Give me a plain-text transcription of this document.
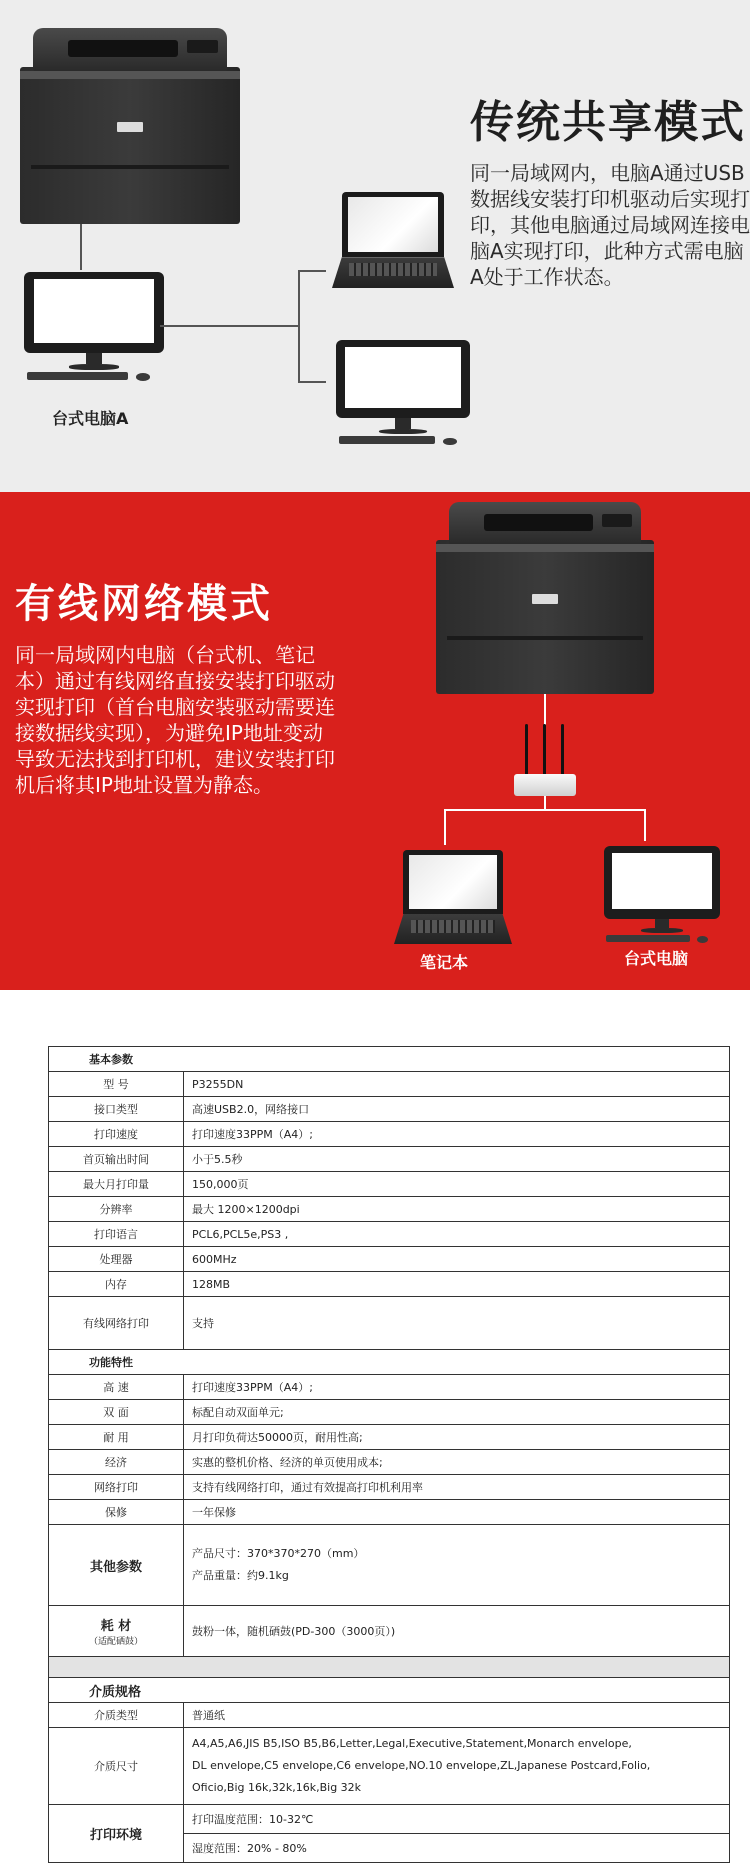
台式电脑A
传统共享模式
同一局域网内，电脑A通过USB数据线安装打印机驱动后实现打印，其他电脑通过局域网连接电脑A实现打印，此种方式需电脑A处于工作状态。
有线网络模式
同一局域网内电脑（台式机、笔记本）通过有线网络直接安装打印驱动实现打印（首台电脑安装驱动需要连接数据线实现），为避免IP地址变动导致无法找到打印机，建议安装打印机后将其IP地址设置为静态。
笔记本	台式电脑
基本参数	
型 号	P3255DN
接口类型	高速USB2.0，网络接口
打印速度	打印速度33PPM（A4）;
首页输出时间	小于5.5秒
最大月打印量	150,000页
分辨率	最大 1200×1200dpi
打印语言	PCL6,PCL5e,PS3 ,
处理器	600MHz
内存	128MB
有线网络打印	支持
功能特性	
高 速	打印速度33PPM（A4）;
双 面	标配自动双面单元;
耐 用	月打印负荷达50000页，耐用性高;
经济	实惠的整机价格、经济的单页使用成本;
网络打印	支持有线网络打印，通过有效提高打印机利用率
保修	一年保修
其他参数	产品尺寸：370*370*270（mm）
产品重量：约9.1kg

耗 材
（适配硒鼓）	鼓粉一体，随机硒鼓(PD-300（3000页）)

介质规格	
介质类型	普通纸
介质尺寸	A4,A5,A6,JIS B5,ISO B5,B6,Letter,Legal,Executive,Statement,Monarch envelope,
DL envelope,C5 envelope,C6 envelope,NO.10 envelope,ZL,Japanese Postcard,Folio,
Oficio,Big 16k,32k,16k,Big 32k

打印环境	打印温度范围：10-32℃
	湿度范围：20% - 80%
